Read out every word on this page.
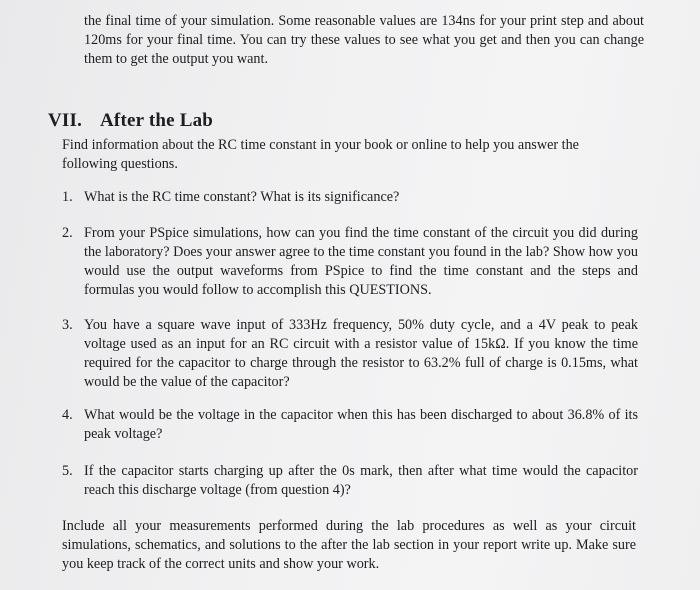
the final time of your simulation. Some reasonable values are 134ns for your print step and about 120ms for your final time. You can try these values to see what you get and then you can change them to get the output you want.

VII. After the Lab

Find information about the RC time constant in your book or online to help you answer the following questions.

1. What is the RC time constant? What is its significance?
2. From your PSpice simulations, how can you find the time constant of the circuit you did during the laboratory? Does your answer agree to the time constant you found in the lab? Show how you would use the output waveforms from PSpice to find the time constant and the steps and formulas you would follow to accomplish this QUESTIONS.
3. You have a square wave input of 333Hz frequency, 50% duty cycle, and a 4V peak to peak voltage used as an input for an RC circuit with a resistor value of 15kΩ. If you know the time required for the capacitor to charge through the resistor to 63.2% full of charge is 0.15ms, what would be the value of the capacitor?
4. What would be the voltage in the capacitor when this has been discharged to about 36.8% of its peak voltage?
5. If the capacitor starts charging up after the 0s mark, then after what time would the capacitor reach this discharge voltage (from question 4)?

Include all your measurements performed during the lab procedures as well as your circuit simulations, schematics, and solutions to the after the lab section in your report write up. Make sure you keep track of the correct units and show your work.
